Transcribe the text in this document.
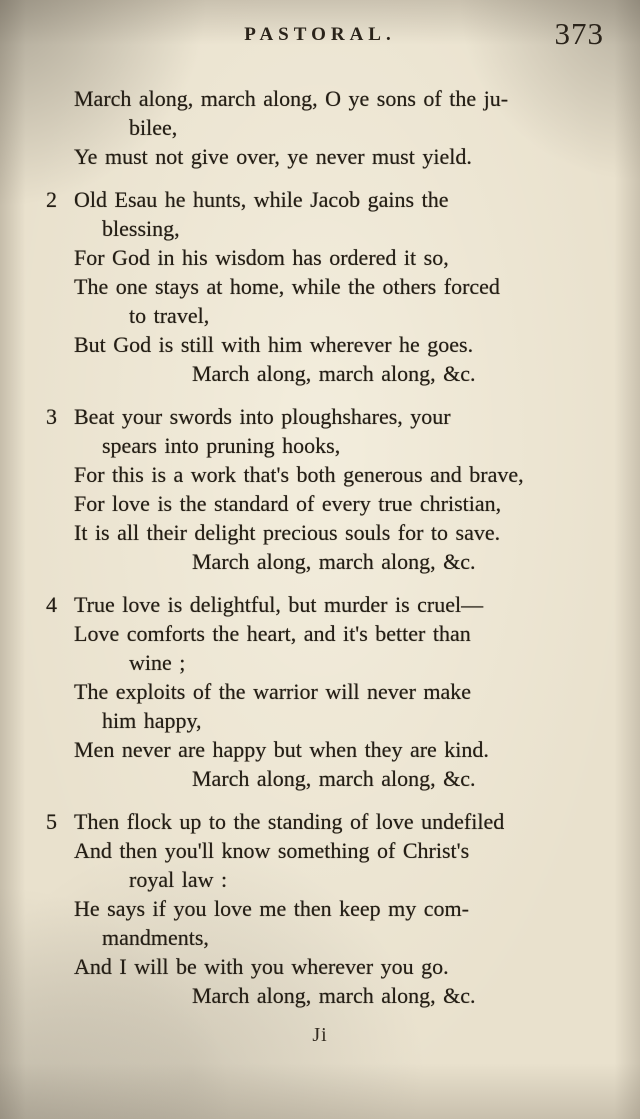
PASTORAL.	373
March along, march along, O ye sons of the ju-
bilee,
Ye must not give over, ye never must yield.
2 Old Esau he hunts, while Jacob gains the
blessing,
For God in his wisdom has ordered it so,
The one stays at home, while the others forced
to travel,
But God is still with him wherever he goes.
March along, march along, &c.
3 Beat your swords into ploughshares, your
spears into pruning hooks,
For this is a work that's both generous and brave,
For love is the standard of every true christian,
It is all their delight precious souls for to save.
March along, march along, &c.
4 True love is delightful, but murder is cruel—
Love comforts the heart, and it's better than
wine ;
The exploits of the warrior will never make
him happy,
Men never are happy but when they are kind.
March along, march along, &c.
5 Then flock up to the standing of love undefiled
And then you'll know something of Christ's
royal law :
He says if you love me then keep my com-
mandments,
And I will be with you wherever you go.
March along, march along, &c.
Ji
